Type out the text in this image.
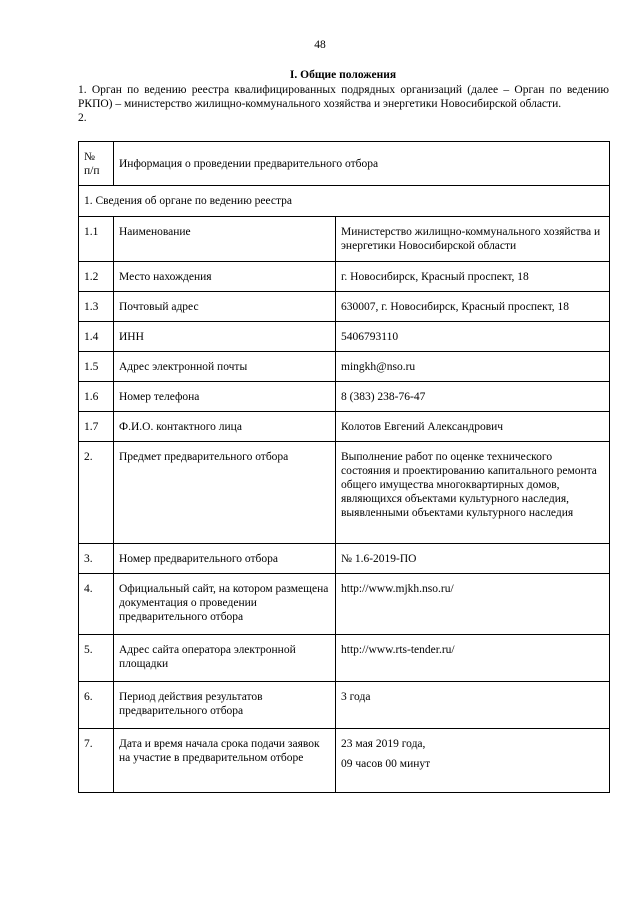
48
I. Общие положения

1. Орган по ведению реестра квалифицированных подрядных организаций (далее – Орган по ведению РКПО) – министерство жилищно-коммунального хозяйства и энергетики Новосибирской области.

2.

№
п/п	Информация о проведении предварительного отбора	
1. Сведения об органе по ведению реестра		
1.1	Наименование	Министерство жилищно-коммунального хозяйства и энергетики Новосибирской области
1.2	Место нахождения	г. Новосибирск, Красный проспект, 18
1.3	Почтовый адрес	630007, г. Новосибирск, Красный проспект, 18
1.4	ИНН	5406793110
1.5	Адрес электронной почты	mingkh@nso.ru
1.6	Номер телефона	8 (383) 238-76-47
1.7	Ф.И.О. контактного лица	Колотов Евгений Александрович
2.	Предмет предварительного отбора	Выполнение работ по оценке технического состояния и проектированию капитального ремонта общего имущества многоквартирных домов, являющихся объектами культурного наследия, выявленными объектами культурного наследия
3.	Номер предварительного отбора	№ 1.6-2019-ПО
4.	Официальный сайт, на котором размещена документация о проведении предварительного отбора	http://www.mjkh.nso.ru/
5.	Адрес сайта оператора электронной площадки	http://www.rts-tender.ru/
6.	Период действия результатов предварительного отбора	3 года
7.	Дата и время начала срока подачи заявок на участие в предварительном отборе	23 мая 2019 года,
09 часов 00 минут
